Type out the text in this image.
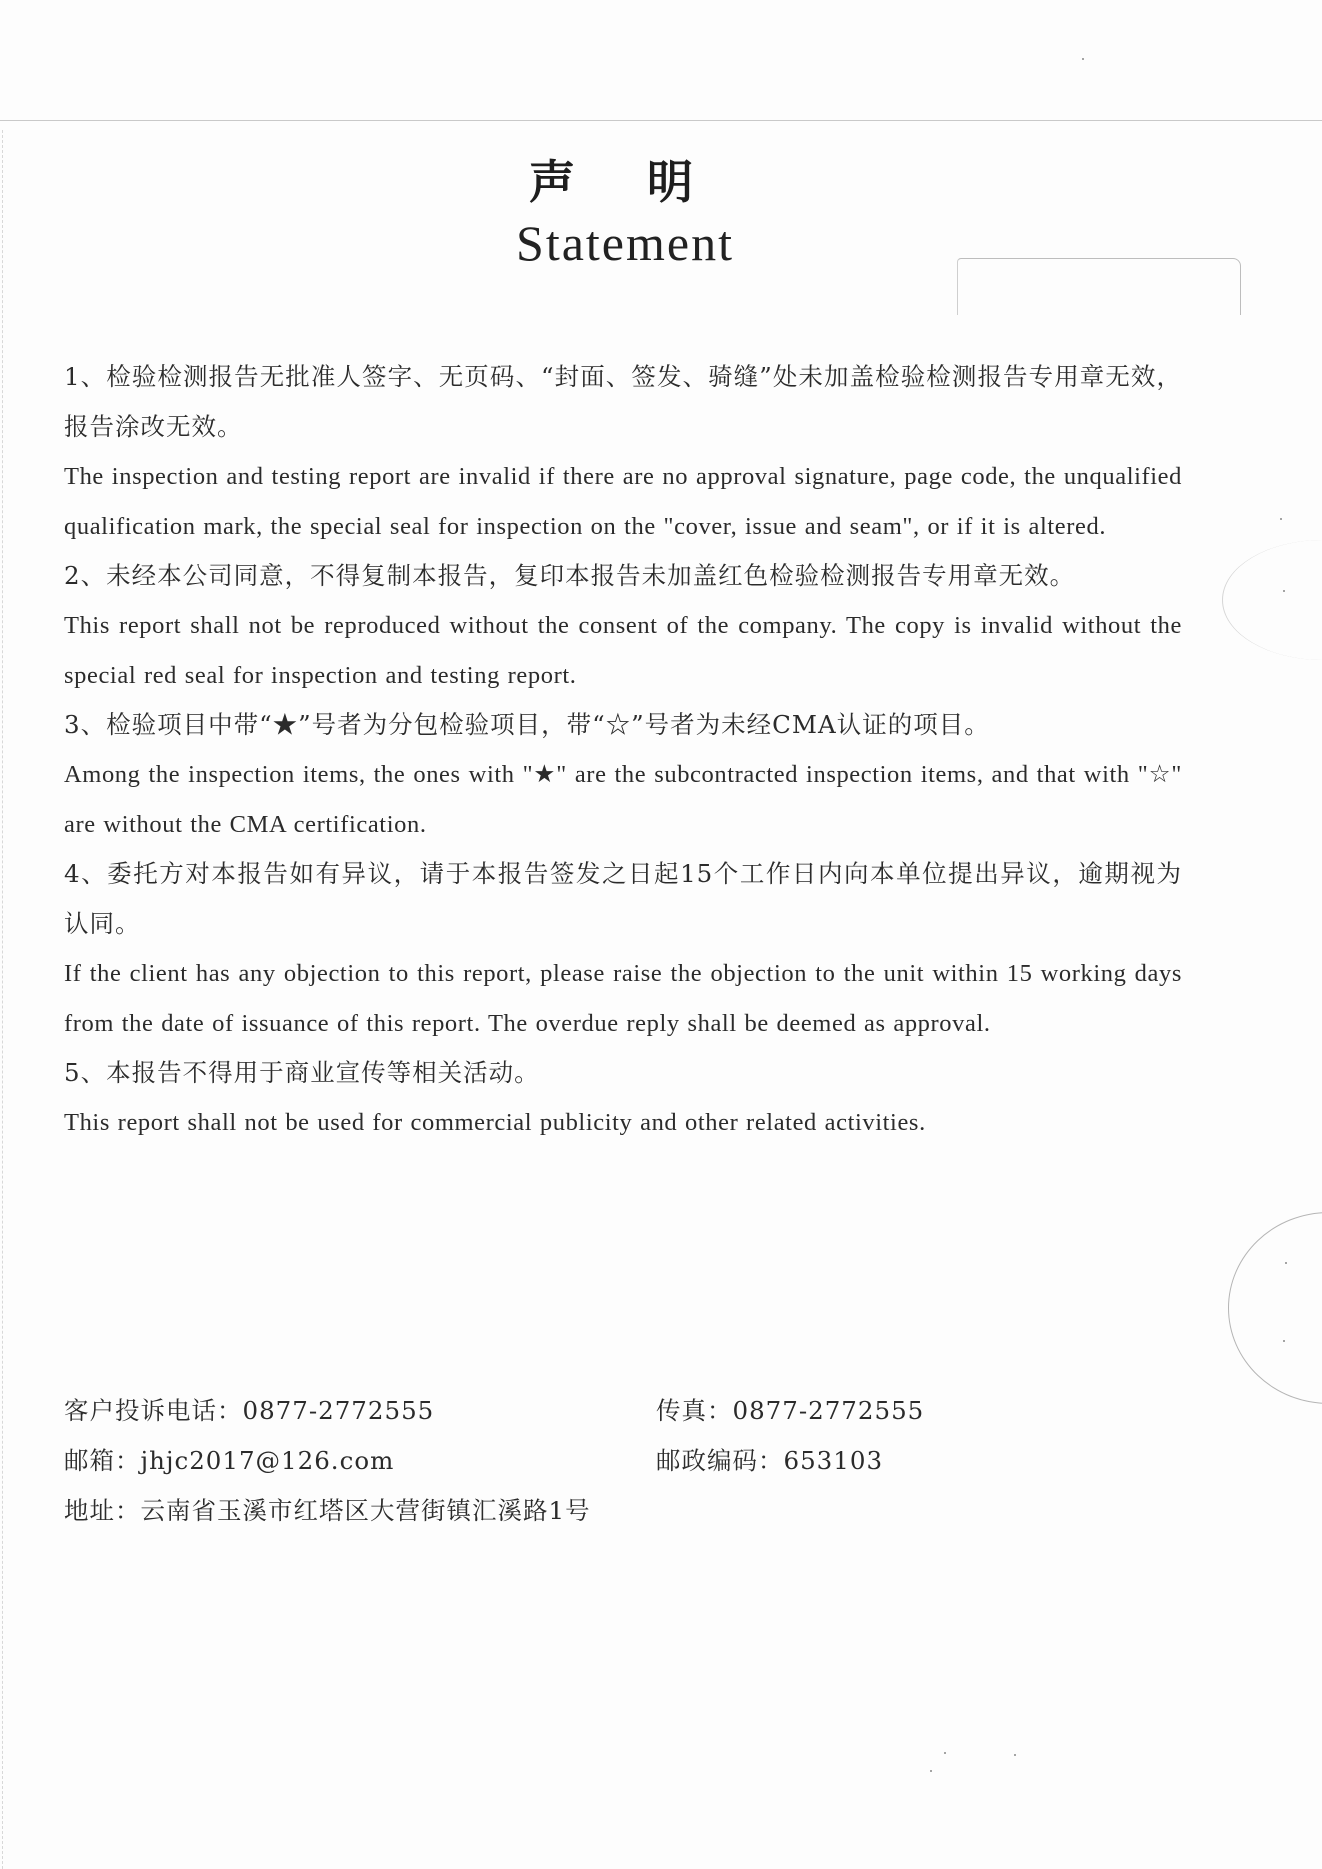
声 明
Statement

1、检验检测报告无批准人签字、无页码、“封面、签发、骑缝”处未加盖检验检测报告专用章无效，报告涂改无效。

The inspection and testing report are invalid if there are no approval signature, page code, the unqualified qualification mark, the special seal for inspection on the "cover, issue and seam", or if it is altered.

2、未经本公司同意，不得复制本报告，复印本报告未加盖红色检验检测报告专用章无效。

This report shall not be reproduced without the consent of the company. The copy is invalid without the special red seal for inspection and testing report.

3、检验项目中带“★”号者为分包检验项目，带“☆”号者为未经CMA认证的项目。

Among the inspection items, the ones with "★" are the subcontracted inspection items, and that with "☆" are without the CMA certification.

4、委托方对本报告如有异议，请于本报告签发之日起15个工作日内向本单位提出异议，逾期视为认同。

If the client has any objection to this report, please raise the objection to the unit within 15 working days from the date of issuance of this report. The overdue reply shall be deemed as approval.

5、本报告不得用于商业宣传等相关活动。

This report shall not be used for commercial publicity and other related activities.

客户投诉电话：0877-2772555	传真：0877-2772555
邮箱：jhjc2017@126.com	邮政编码：653103
地址：云南省玉溪市红塔区大营街镇汇溪路1号
